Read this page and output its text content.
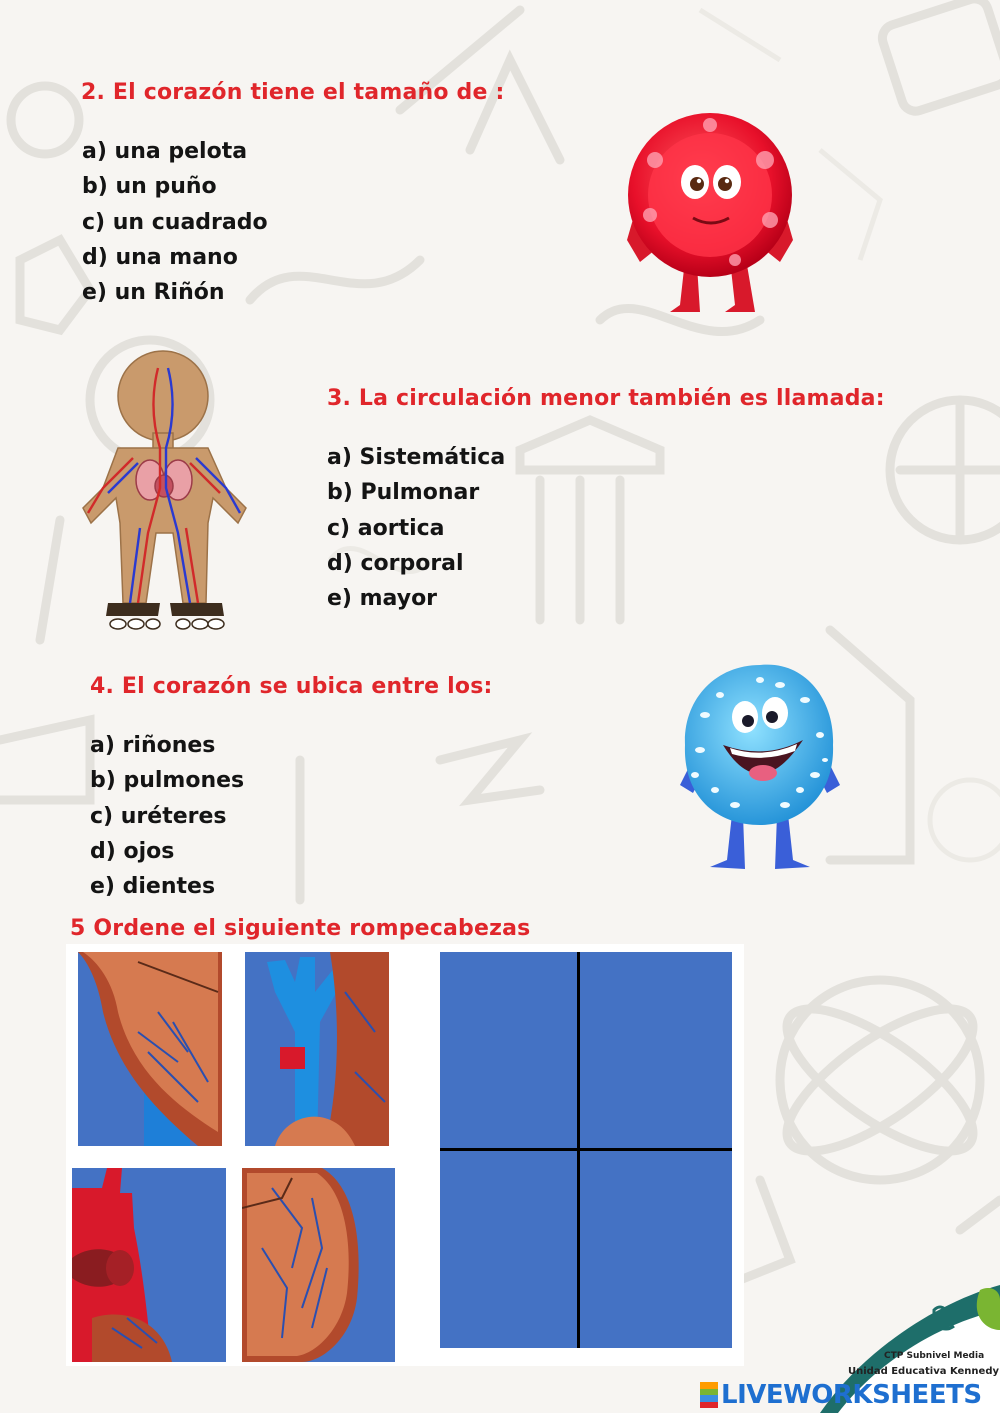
2. El corazón tiene el tamaño de :
a) una pelota
b) un puño
c) un cuadrado
d) una mano
e) un Riñón
3. La circulación menor también es llamada:
a) Sistemática
b) Pulmonar
c) aortica
d) corporal
e) mayor
4. El corazón se ubica entre los:
a) riñones
b) pulmones
c) uréteres
d) ojos
e) dientes
5 Ordene el siguiente rompecabezas
CTP Subnivel Media
Unidad Educativa Kennedy
LIVEWORKSHEETS
